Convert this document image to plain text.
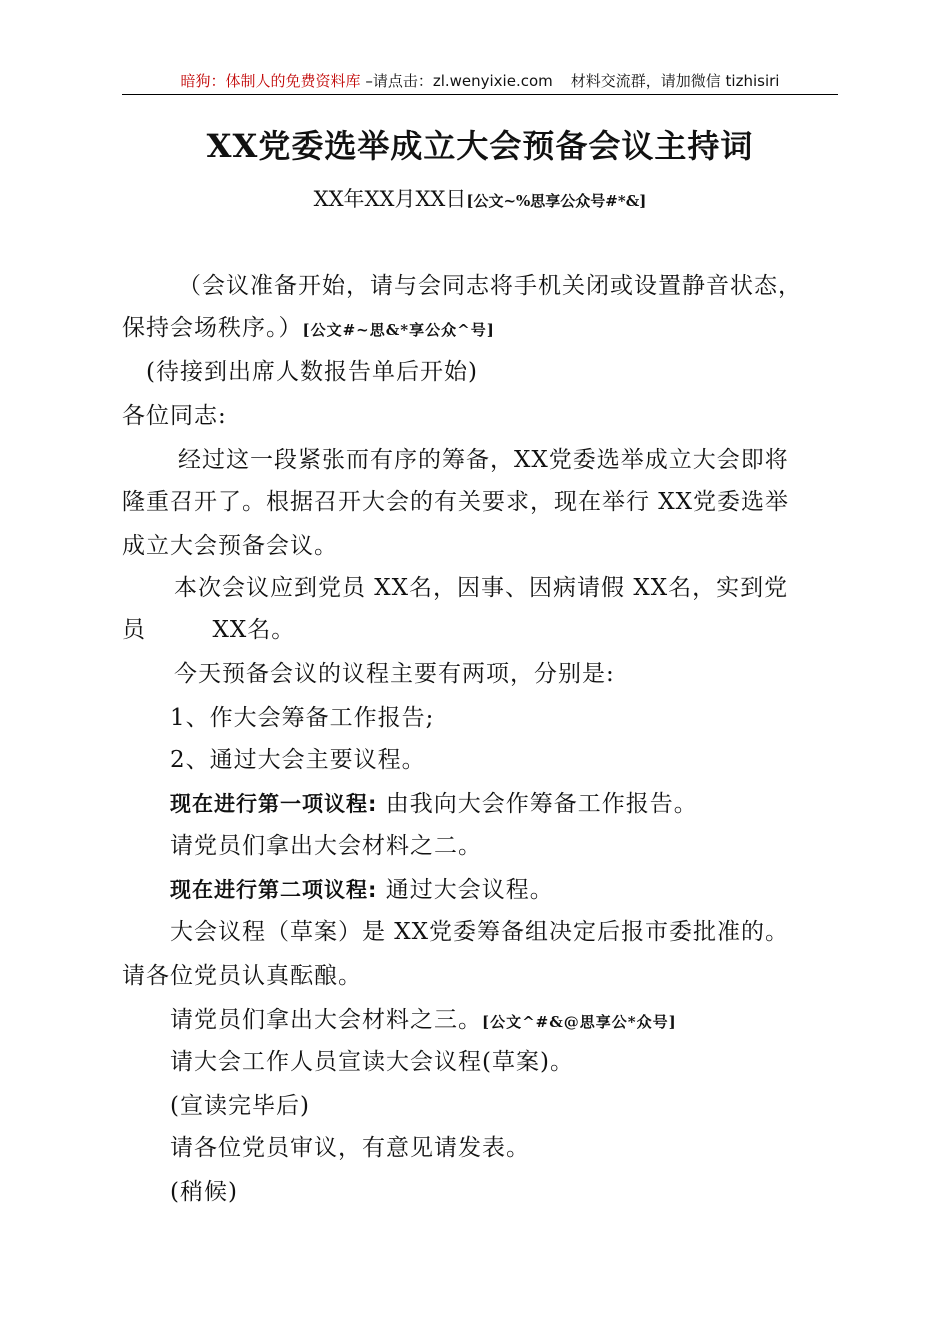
暗狗：体制人的免费资料库 –请点击：zl.wenyixie.com 材料交流群，请加微信 tizhisiri
XX党委选举成立大会预备会议主持词
XX年XX月XX日[公文~%思享公众号#*&]
（会议准备开始，请与会同志将手机关闭或设置静音状态，
保持会场秩序。）[公文#~思&*享公众^号]
(待接到出席人数报告单后开始)
各位同志:
经过这一段紧张而有序的筹备，XX党委选举成立大会即将
隆重召开了。根据召开大会的有关要求，现在举行 XX党委选举
成立大会预备会议。
本次会议应到党员 XX名，因事、因病请假 XX名，实到党
员        XX名。
今天预备会议的议程主要有两项，分别是:
1、作大会筹备工作报告;
2、通过大会主要议程。
现在进行第一项议程: 由我向大会作筹备工作报告。
请党员们拿出大会材料之二。
现在进行第二项议程: 通过大会议程。
大会议程（草案）是 XX党委筹备组决定后报市委批准的。
请各位党员认真酝酿。
请党员们拿出大会材料之三。[公文^#&@思享公*众号]
请大会工作人员宣读大会议程(草案)。
(宣读完毕后)
请各位党员审议，有意见请发表。
(稍候)
